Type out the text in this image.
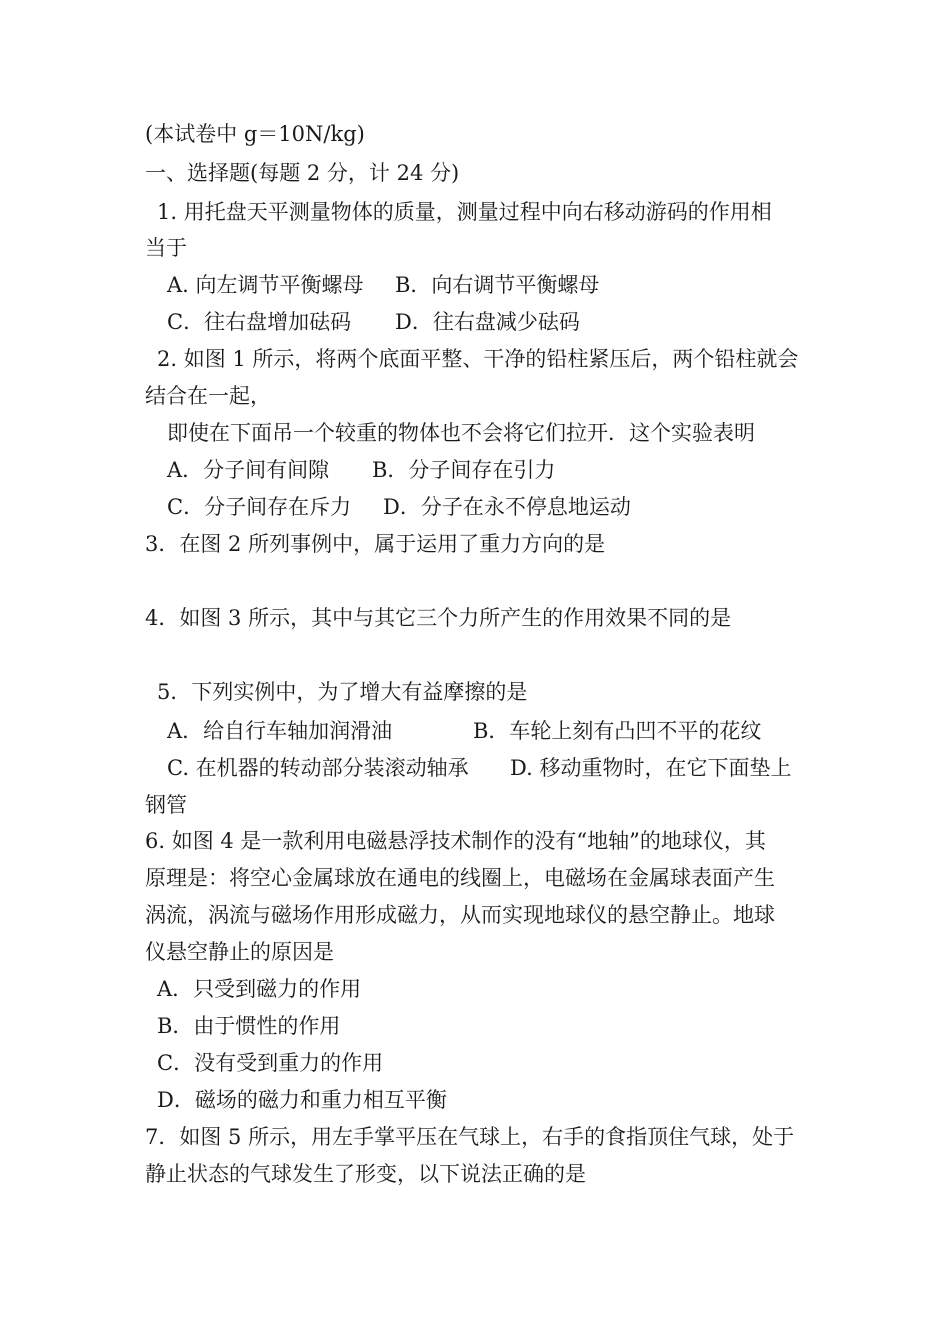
(本试卷中 g＝10N/kg)
一、选择题(每题 2 分，计 24 分)
1. 用托盘天平测量物体的质量，测量过程中向右移动游码的作用相
当于
A. 向左调节平衡螺母 B．向右调节平衡螺母
C．往右盘增加砝码 D．往右盘减少砝码
2. 如图 1 所示，将两个底面平整、干净的铅柱紧压后，两个铅柱就会
结合在一起，
即使在下面吊一个较重的物体也不会将它们拉开．这个实验表明
A．分子间有间隙 B．分子间存在引力
C．分子间存在斥力 D．分子在永不停息地运动
3．在图 2 所列事例中，属于运用了重力方向的是
4．如图 3 所示，其中与其它三个力所产生的作用效果不同的是
5．下列实例中，为了增大有益摩擦的是
A．给自行车轴加润滑油	B．车轮上刻有凸凹不平的花纹
C. 在机器的转动部分装滚动轴承 D. 移动重物时，在它下面垫上
钢管
6. 如图 4 是一款利用电磁悬浮技术制作的没有“地轴”的地球仪，其
原理是：将空心金属球放在通电的线圈上，电磁场在金属球表面产生
涡流，涡流与磁场作用形成磁力，从而实现地球仪的悬空静止。地球
仪悬空静止的原因是
A．只受到磁力的作用
B．由于惯性的作用
C．没有受到重力的作用
D．磁场的磁力和重力相互平衡
7．如图 5 所示，用左手掌平压在气球上，右手的食指顶住气球，处于
静止状态的气球发生了形变，以下说法正确的是
